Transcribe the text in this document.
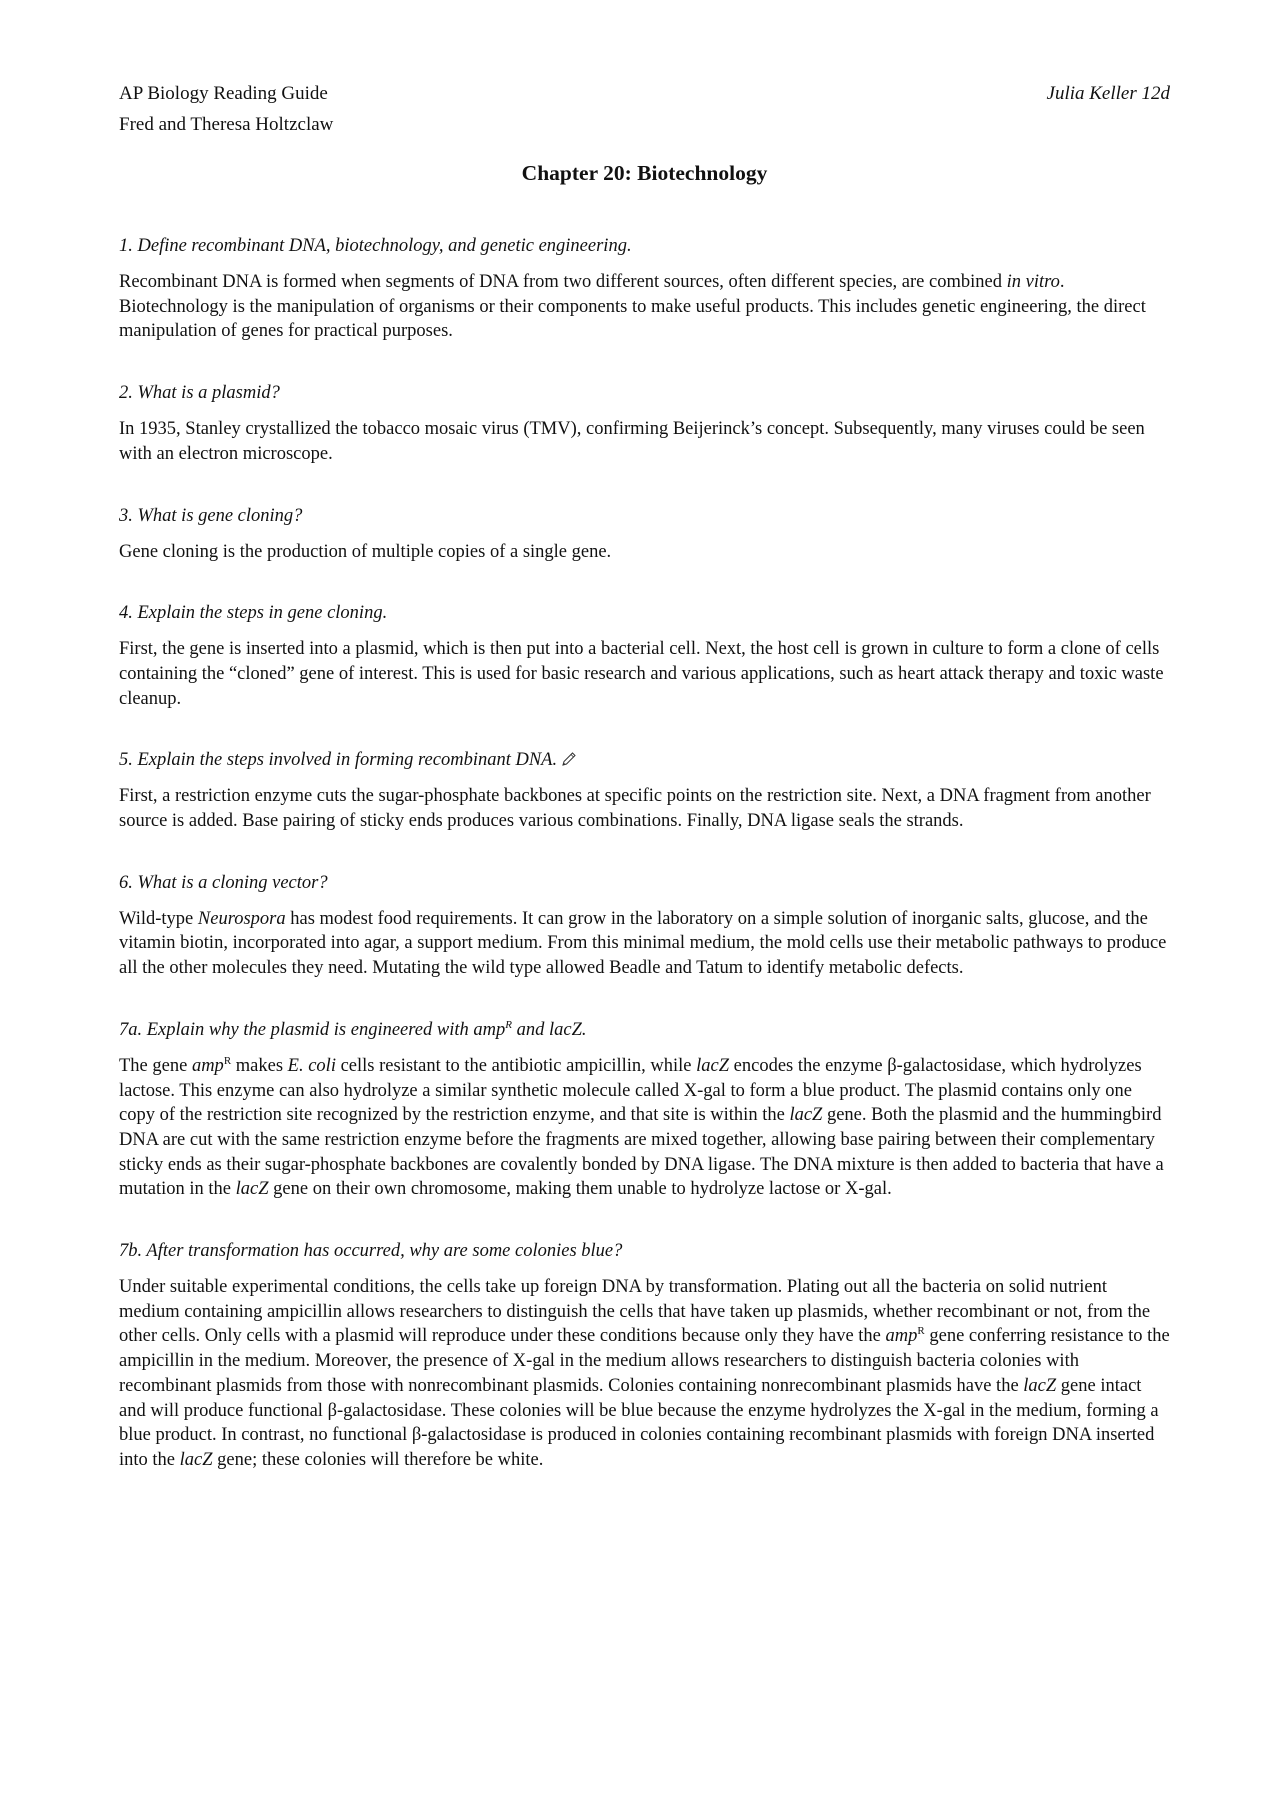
AP Biology Reading Guide	Julia Keller 12d
Fred and Theresa Holtzclaw
Chapter 20: Biotechnology
1. Define recombinant DNA, biotechnology, and genetic engineering.
Recombinant DNA is formed when segments of DNA from two different sources, often different species, are combined in vitro. Biotechnology is the manipulation of organisms or their components to make useful products. This includes genetic engineering, the direct manipulation of genes for practical purposes.
2. What is a plasmid?
In 1935, Stanley crystallized the tobacco mosaic virus (TMV), confirming Beijerinck’s concept. Subsequently, many viruses could be seen with an electron microscope.
3. What is gene cloning?
Gene cloning is the production of multiple copies of a single gene.
4. Explain the steps in gene cloning.
First, the gene is inserted into a plasmid, which is then put into a bacterial cell. Next, the host cell is grown in culture to form a clone of cells containing the “cloned” gene of interest. This is used for basic research and various applications, such as heart attack therapy and toxic waste cleanup.
5. Explain the steps involved in forming recombinant DNA.
First, a restriction enzyme cuts the sugar-phosphate backbones at specific points on the restriction site. Next, a DNA fragment from another source is added. Base pairing of sticky ends produces various combinations. Finally, DNA ligase seals the strands.
6. What is a cloning vector?
Wild-type Neurospora has modest food requirements. It can grow in the laboratory on a simple solution of inorganic salts, glucose, and the vitamin biotin, incorporated into agar, a support medium. From this minimal medium, the mold cells use their metabolic pathways to produce all the other molecules they need. Mutating the wild type allowed Beadle and Tatum to identify metabolic defects.
7a. Explain why the plasmid is engineered with amp$^R$ and lacZ.
The gene amp$^R$ makes E. coli cells resistant to the antibiotic ampicillin, while lacZ encodes the enzyme β-galactosidase, which hydrolyzes lactose. This enzyme can also hydrolyze a similar synthetic molecule called X-gal to form a blue product. The plasmid contains only one copy of the restriction site recognized by the restriction enzyme, and that site is within the lacZ gene. Both the plasmid and the hummingbird DNA are cut with the same restriction enzyme before the fragments are mixed together, allowing base pairing between their complementary sticky ends as their sugar-phosphate backbones are covalently bonded by DNA ligase. The DNA mixture is then added to bacteria that have a mutation in the lacZ gene on their own chromosome, making them unable to hydrolyze lactose or X-gal.
7b. After transformation has occurred, why are some colonies blue?
Under suitable experimental conditions, the cells take up foreign DNA by transformation. Plating out all the bacteria on solid nutrient medium containing ampicillin allows researchers to distinguish the cells that have taken up plasmids, whether recombinant or not, from the other cells. Only cells with a plasmid will reproduce under these conditions because only they have the amp$^R$ gene conferring resistance to the ampicillin in the medium. Moreover, the presence of X-gal in the medium allows researchers to distinguish bacteria colonies with recombinant plasmids from those with nonrecombinant plasmids. Colonies containing nonrecombinant plasmids have the lacZ gene intact and will produce functional β-galactosidase. These colonies will be blue because the enzyme hydrolyzes the X-gal in the medium, forming a blue product. In contrast, no functional β-galactosidase is produced in colonies containing recombinant plasmids with foreign DNA inserted into the lacZ gene; these colonies will therefore be white.
